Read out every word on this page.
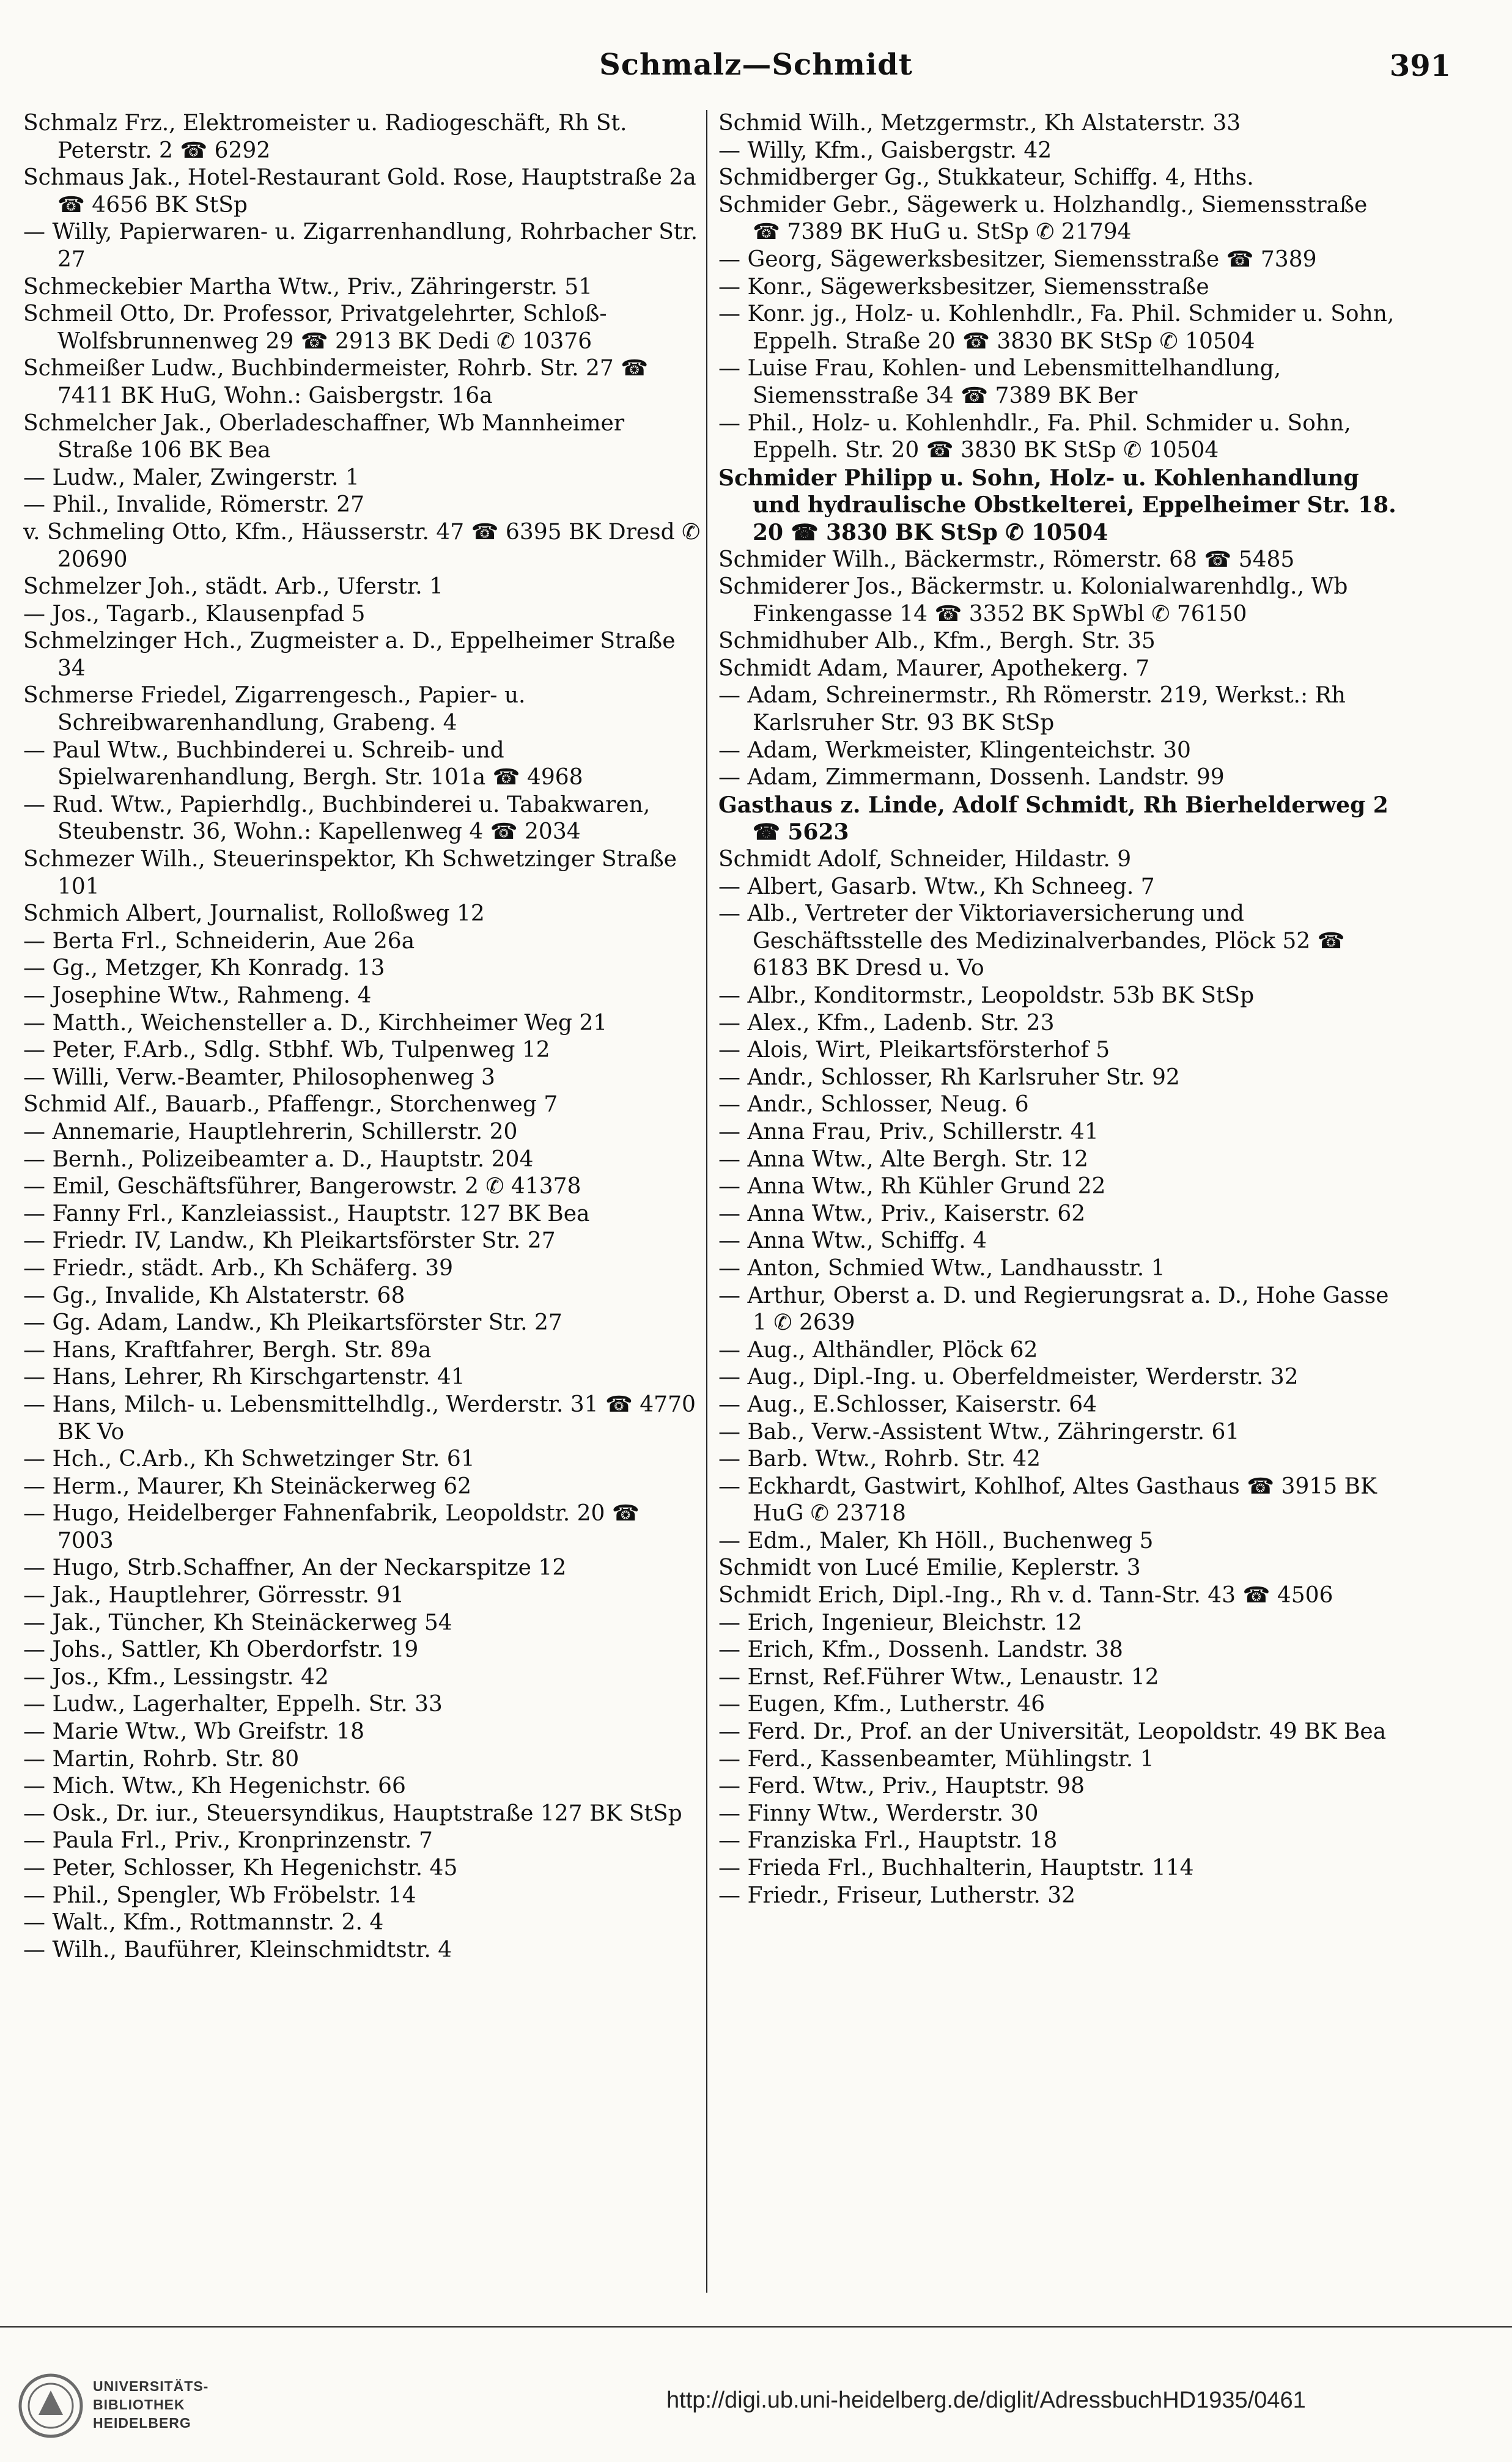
Schmalz—Schmidt	391
Schmalz Frz., Elektromeister u. Radiogeschäft, Rh St. Peterstr. 2 ☎ 6292
Schmaus Jak., Hotel-Restaurant Gold. Rose, Hauptstraße 2a ☎ 4656 BK StSp
— Willy, Papierwaren- u. Zigarrenhandlung, Rohrbacher Str. 27
Schmeckebier Martha Wtw., Priv., Zähringerstr. 51
Schmeil Otto, Dr. Professor, Privatgelehrter, Schloß-Wolfsbrunnenweg 29 ☎ 2913 BK Dedi ✆ 10376
Schmeißer Ludw., Buchbindermeister, Rohrb. Str. 27 ☎ 7411 BK HuG, Wohn.: Gaisbergstr. 16a
Schmelcher Jak., Oberladeschaffner, Wb Mannheimer Straße 106 BK Bea
— Ludw., Maler, Zwingerstr. 1
— Phil., Invalide, Römerstr. 27
v. Schmeling Otto, Kfm., Häusserstr. 47 ☎ 6395 BK Dresd ✆ 20690
Schmelzer Joh., städt. Arb., Uferstr. 1
— Jos., Tagarb., Klausenpfad 5
Schmelzinger Hch., Zugmeister a. D., Eppelheimer Straße 34
Schmerse Friedel, Zigarrengesch., Papier- u. Schreibwarenhandlung, Grabeng. 4
— Paul Wtw., Buchbinderei u. Schreib- und Spielwarenhandlung, Bergh. Str. 101a ☎ 4968
— Rud. Wtw., Papierhdlg., Buchbinderei u. Tabakwaren, Steubenstr. 36, Wohn.: Kapellenweg 4 ☎ 2034
Schmezer Wilh., Steuerinspektor, Kh Schwetzinger Straße 101
Schmich Albert, Journalist, Rolloßweg 12
— Berta Frl., Schneiderin, Aue 26a
— Gg., Metzger, Kh Konradg. 13
— Josephine Wtw., Rahmeng. 4
— Matth., Weichensteller a. D., Kirchheimer Weg 21
— Peter, F.Arb., Sdlg. Stbhf. Wb, Tulpenweg 12
— Willi, Verw.-Beamter, Philosophenweg 3
Schmid Alf., Bauarb., Pfaffengr., Storchenweg 7
— Annemarie, Hauptlehrerin, Schillerstr. 20
— Bernh., Polizeibeamter a. D., Hauptstr. 204
— Emil, Geschäftsführer, Bangerowstr. 2 ✆ 41378
— Fanny Frl., Kanzleiassist., Hauptstr. 127 BK Bea
— Friedr. IV, Landw., Kh Pleikartsförster Str. 27
— Friedr., städt. Arb., Kh Schäferg. 39
— Gg., Invalide, Kh Alstaterstr. 68
— Gg. Adam, Landw., Kh Pleikartsförster Str. 27
— Hans, Kraftfahrer, Bergh. Str. 89a
— Hans, Lehrer, Rh Kirschgartenstr. 41
— Hans, Milch- u. Lebensmittelhdlg., Werderstr. 31 ☎ 4770 BK Vo
— Hch., C.Arb., Kh Schwetzinger Str. 61
— Herm., Maurer, Kh Steinäckerweg 62
— Hugo, Heidelberger Fahnenfabrik, Leopoldstr. 20 ☎ 7003
— Hugo, Strb.Schaffner, An der Neckarspitze 12
— Jak., Hauptlehrer, Görresstr. 91
— Jak., Tüncher, Kh Steinäckerweg 54
— Johs., Sattler, Kh Oberdorfstr. 19
— Jos., Kfm., Lessingstr. 42
— Ludw., Lagerhalter, Eppelh. Str. 33
— Marie Wtw., Wb Greifstr. 18
— Martin, Rohrb. Str. 80
— Mich. Wtw., Kh Hegenichstr. 66
— Osk., Dr. iur., Steuersyndikus, Hauptstraße 127 BK StSp
— Paula Frl., Priv., Kronprinzenstr. 7
— Peter, Schlosser, Kh Hegenichstr. 45
— Phil., Spengler, Wb Fröbelstr. 14
— Walt., Kfm., Rottmannstr. 2. 4
— Wilh., Bauführer, Kleinschmidtstr. 4
Schmid Wilh., Metzgermstr., Kh Alstaterstr. 33
— Willy, Kfm., Gaisbergstr. 42
Schmidberger Gg., Stukkateur, Schiffg. 4, Hths.
Schmider Gebr., Sägewerk u. Holzhandlg., Siemensstraße ☎ 7389 BK HuG u. StSp ✆ 21794
— Georg, Sägewerksbesitzer, Siemensstraße ☎ 7389
— Konr., Sägewerksbesitzer, Siemensstraße
— Konr. jg., Holz- u. Kohlenhdlr., Fa. Phil. Schmider u. Sohn, Eppelh. Straße 20 ☎ 3830 BK StSp ✆ 10504
— Luise Frau, Kohlen- und Lebensmittelhandlung, Siemensstraße 34 ☎ 7389 BK Ber
— Phil., Holz- u. Kohlenhdlr., Fa. Phil. Schmider u. Sohn, Eppelh. Str. 20 ☎ 3830 BK StSp ✆ 10504
Schmider Philipp u. Sohn, Holz- u. Kohlenhandlung und hydraulische Obstkelterei, Eppelheimer Str. 18. 20 ☎ 3830 BK StSp ✆ 10504
Schmider Wilh., Bäckermstr., Römerstr. 68 ☎ 5485
Schmiderer Jos., Bäckermstr. u. Kolonialwarenhdlg., Wb Finkengasse 14 ☎ 3352 BK SpWbl ✆ 76150
Schmidhuber Alb., Kfm., Bergh. Str. 35
Schmidt Adam, Maurer, Apothekerg. 7
— Adam, Schreinermstr., Rh Römerstr. 219, Werkst.: Rh Karlsruher Str. 93 BK StSp
— Adam, Werkmeister, Klingenteichstr. 30
— Adam, Zimmermann, Dossenh. Landstr. 99
Gasthaus z. Linde, Adolf Schmidt, Rh Bierhelderweg 2 ☎ 5623
Schmidt Adolf, Schneider, Hildastr. 9
— Albert, Gasarb. Wtw., Kh Schneeg. 7
— Alb., Vertreter der Viktoriaversicherung und Geschäftsstelle des Medizinalverbandes, Plöck 52 ☎ 6183 BK Dresd u. Vo
— Albr., Konditormstr., Leopoldstr. 53b BK StSp
— Alex., Kfm., Ladenb. Str. 23
— Alois, Wirt, Pleikartsförsterhof 5
— Andr., Schlosser, Rh Karlsruher Str. 92
— Andr., Schlosser, Neug. 6
— Anna Frau, Priv., Schillerstr. 41
— Anna Wtw., Alte Bergh. Str. 12
— Anna Wtw., Rh Kühler Grund 22
— Anna Wtw., Priv., Kaiserstr. 62
— Anna Wtw., Schiffg. 4
— Anton, Schmied Wtw., Landhausstr. 1
— Arthur, Oberst a. D. und Regierungsrat a. D., Hohe Gasse 1 ✆ 2639
— Aug., Althändler, Plöck 62
— Aug., Dipl.-Ing. u. Oberfeldmeister, Werderstr. 32
— Aug., E.Schlosser, Kaiserstr. 64
— Bab., Verw.-Assistent Wtw., Zähringerstr. 61
— Barb. Wtw., Rohrb. Str. 42
— Eckhardt, Gastwirt, Kohlhof, Altes Gasthaus ☎ 3915 BK HuG ✆ 23718
— Edm., Maler, Kh Höll., Buchenweg 5
Schmidt von Lucé Emilie, Keplerstr. 3
Schmidt Erich, Dipl.-Ing., Rh v. d. Tann-Str. 43 ☎ 4506
— Erich, Ingenieur, Bleichstr. 12
— Erich, Kfm., Dossenh. Landstr. 38
— Ernst, Ref.Führer Wtw., Lenaustr. 12
— Eugen, Kfm., Lutherstr. 46
— Ferd. Dr., Prof. an der Universität, Leopoldstr. 49 BK Bea
— Ferd., Kassenbeamter, Mühlingstr. 1
— Ferd. Wtw., Priv., Hauptstr. 98
— Finny Wtw., Werderstr. 30
— Franziska Frl., Hauptstr. 18
— Frieda Frl., Buchhalterin, Hauptstr. 114
— Friedr., Friseur, Lutherstr. 32
UNIVERSITÄTS-
BIBLIOTHEK
HEIDELBERG
http://digi.ub.uni-heidelberg.de/diglit/AdressbuchHD1935/0461
